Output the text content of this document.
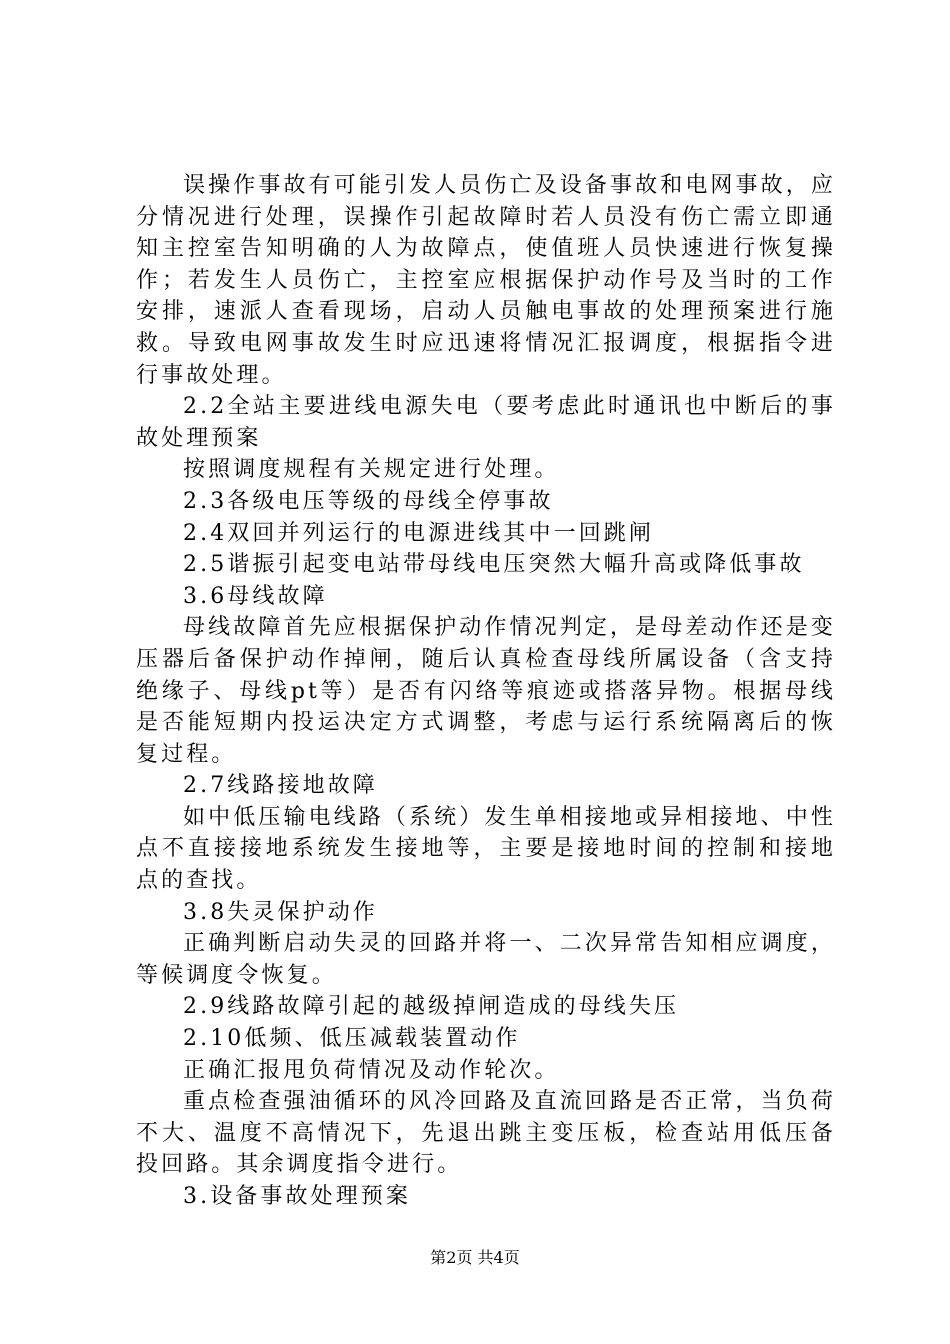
误操作事故有可能引发人员伤亡及设备事故和电网事故，应分情况进行处理，误操作引起故障时若人员没有伤亡需立即通知主控室告知明确的人为故障点，使值班人员快速进行恢复操作；若发生人员伤亡，主控室应根据保护动作号及当时的工作安排，速派人查看现场，启动人员触电事故的处理预案进行施救。导致电网事故发生时应迅速将情况汇报调度，根据指令进行事故处理。

2.2全站主要进线电源失电（要考虑此时通讯也中断后的事故处理预案

按照调度规程有关规定进行处理。

2.3各级电压等级的母线全停事故

2.4双回并列运行的电源进线其中一回跳闸

2.5谐振引起变电站带母线电压突然大幅升高或降低事故

3.6母线故障

母线故障首先应根据保护动作情况判定，是母差动作还是变压器后备保护动作掉闸，随后认真检查母线所属设备（含支持绝缘子、母线pt等）是否有闪络等痕迹或搭落异物。根据母线是否能短期内投运决定方式调整，考虑与运行系统隔离后的恢复过程。

2.7线路接地故障

如中低压输电线路（系统）发生单相接地或异相接地、中性点不直接接地系统发生接地等，主要是接地时间的控制和接地点的查找。

3.8失灵保护动作

正确判断启动失灵的回路并将一、二次异常告知相应调度，等候调度令恢复。

2.9线路故障引起的越级掉闸造成的母线失压

2.10低频、低压减载装置动作

正确汇报甩负荷情况及动作轮次。

重点检查强油循环的风冷回路及直流回路是否正常，当负荷不大、温度不高情况下，先退出跳主变压板，检查站用低压备投回路。其余调度指令进行。

3.设备事故处理预案

第2页 共4页
